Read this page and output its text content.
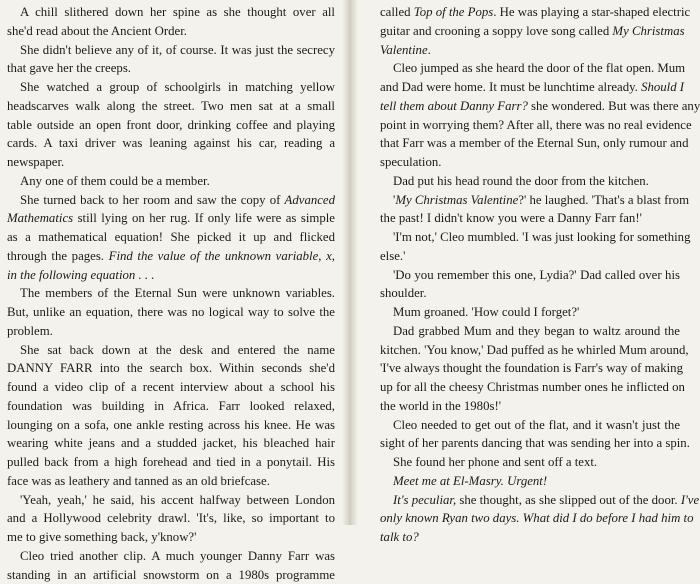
A chill slithered down her spine as she thought over all
she'd read about the Ancient Order.
She didn't believe any of it, of course. It was just the secrecy
that gave her the creeps.
She watched a group of schoolgirls in matching yellow
headscarves walk along the street. Two men sat at a small
table outside an open front door, drinking coffee and playing
cards. A taxi driver was leaning against his car, reading a
newspaper.
Any one of them could be a member.
She turned back to her room and saw the copy of Advanced
Mathematics still lying on her rug. If only life were as simple
as a mathematical equation! She picked it up and flicked
through the pages. Find the value of the unknown variable, x,
in the following equation . . .
The members of the Eternal Sun were unknown variables.
But, unlike an equation, there was no logical way to solve the
problem.
She sat back down at the desk and entered the name
DANNY FARR into the search box. Within seconds she'd
found a video clip of a recent interview about a school his
foundation was building in Africa. Farr looked relaxed,
lounging on a sofa, one ankle resting across his knee. He was
wearing white jeans and a studded jacket, his bleached hair
pulled back from a high forehead and tied in a ponytail. His
face was as leathery and tanned as an old briefcase.
'Yeah, yeah,' he said, his accent halfway between London
and a Hollywood celebrity drawl. 'It's, like, so important to
me to give something back, y'know?'
Cleo tried another clip. A much younger Danny Farr was
standing in an artificial snowstorm on a 1980s programme
called Top of the Pops. He was playing a star-shaped electric
guitar and crooning a soppy love song called My Christmas
Valentine.
Cleo jumped as she heard the door of the flat open. Mum
and Dad were home. It must be lunchtime already. Should I
tell them about Danny Farr? she wondered. But was there any
point in worrying them? After all, there was no real evidence
that Farr was a member of the Eternal Sun, only rumour and
speculation.
Dad put his head round the door from the kitchen.
'My Christmas Valentine?' he laughed. 'That's a blast from
the past! I didn't know you were a Danny Farr fan!'
'I'm not,' Cleo mumbled. 'I was just looking for something
else.'
'Do you remember this one, Lydia?' Dad called over his
shoulder.
Mum groaned. 'How could I forget?'
Dad grabbed Mum and they began to waltz around the
kitchen. 'You know,' Dad puffed as he whirled Mum around,
'I've always thought the foundation is Farr's way of making
up for all the cheesy Christmas number ones he inflicted on
the world in the 1980s!'
Cleo needed to get out of the flat, and it wasn't just the
sight of her parents dancing that was sending her into a spin.
She found her phone and sent off a text.
Meet me at El-Masry. Urgent!
It's peculiar, she thought, as she slipped out of the door. I've
only known Ryan two days. What did I do before I had him to
talk to?
